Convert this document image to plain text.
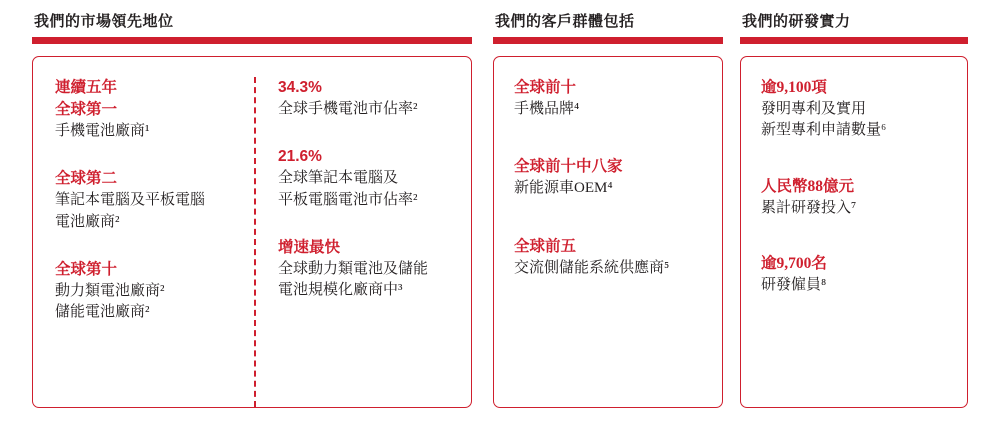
我們的市場領先地位
連續五年
全球第一
手機電池廠商¹
全球第二
筆記本電腦及平板電腦
電池廠商²
全球第十
動力類電池廠商²
儲能電池廠商²
34.3%
全球手機電池市佔率²
21.6%
全球筆記本電腦及
平板電腦電池市佔率²
增速最快
全球動力類電池及儲能
電池規模化廠商中³
我們的客戶群體包括
全球前十
手機品牌⁴
全球前十中八家
新能源車OEM⁴
全球前五
交流側儲能系統供應商⁵
我們的研發實力
逾9,100項
發明專利及實用
新型專利申請數量⁶
人民幣88億元
累計研發投入⁷
逾9,700名
研發僱員⁸
